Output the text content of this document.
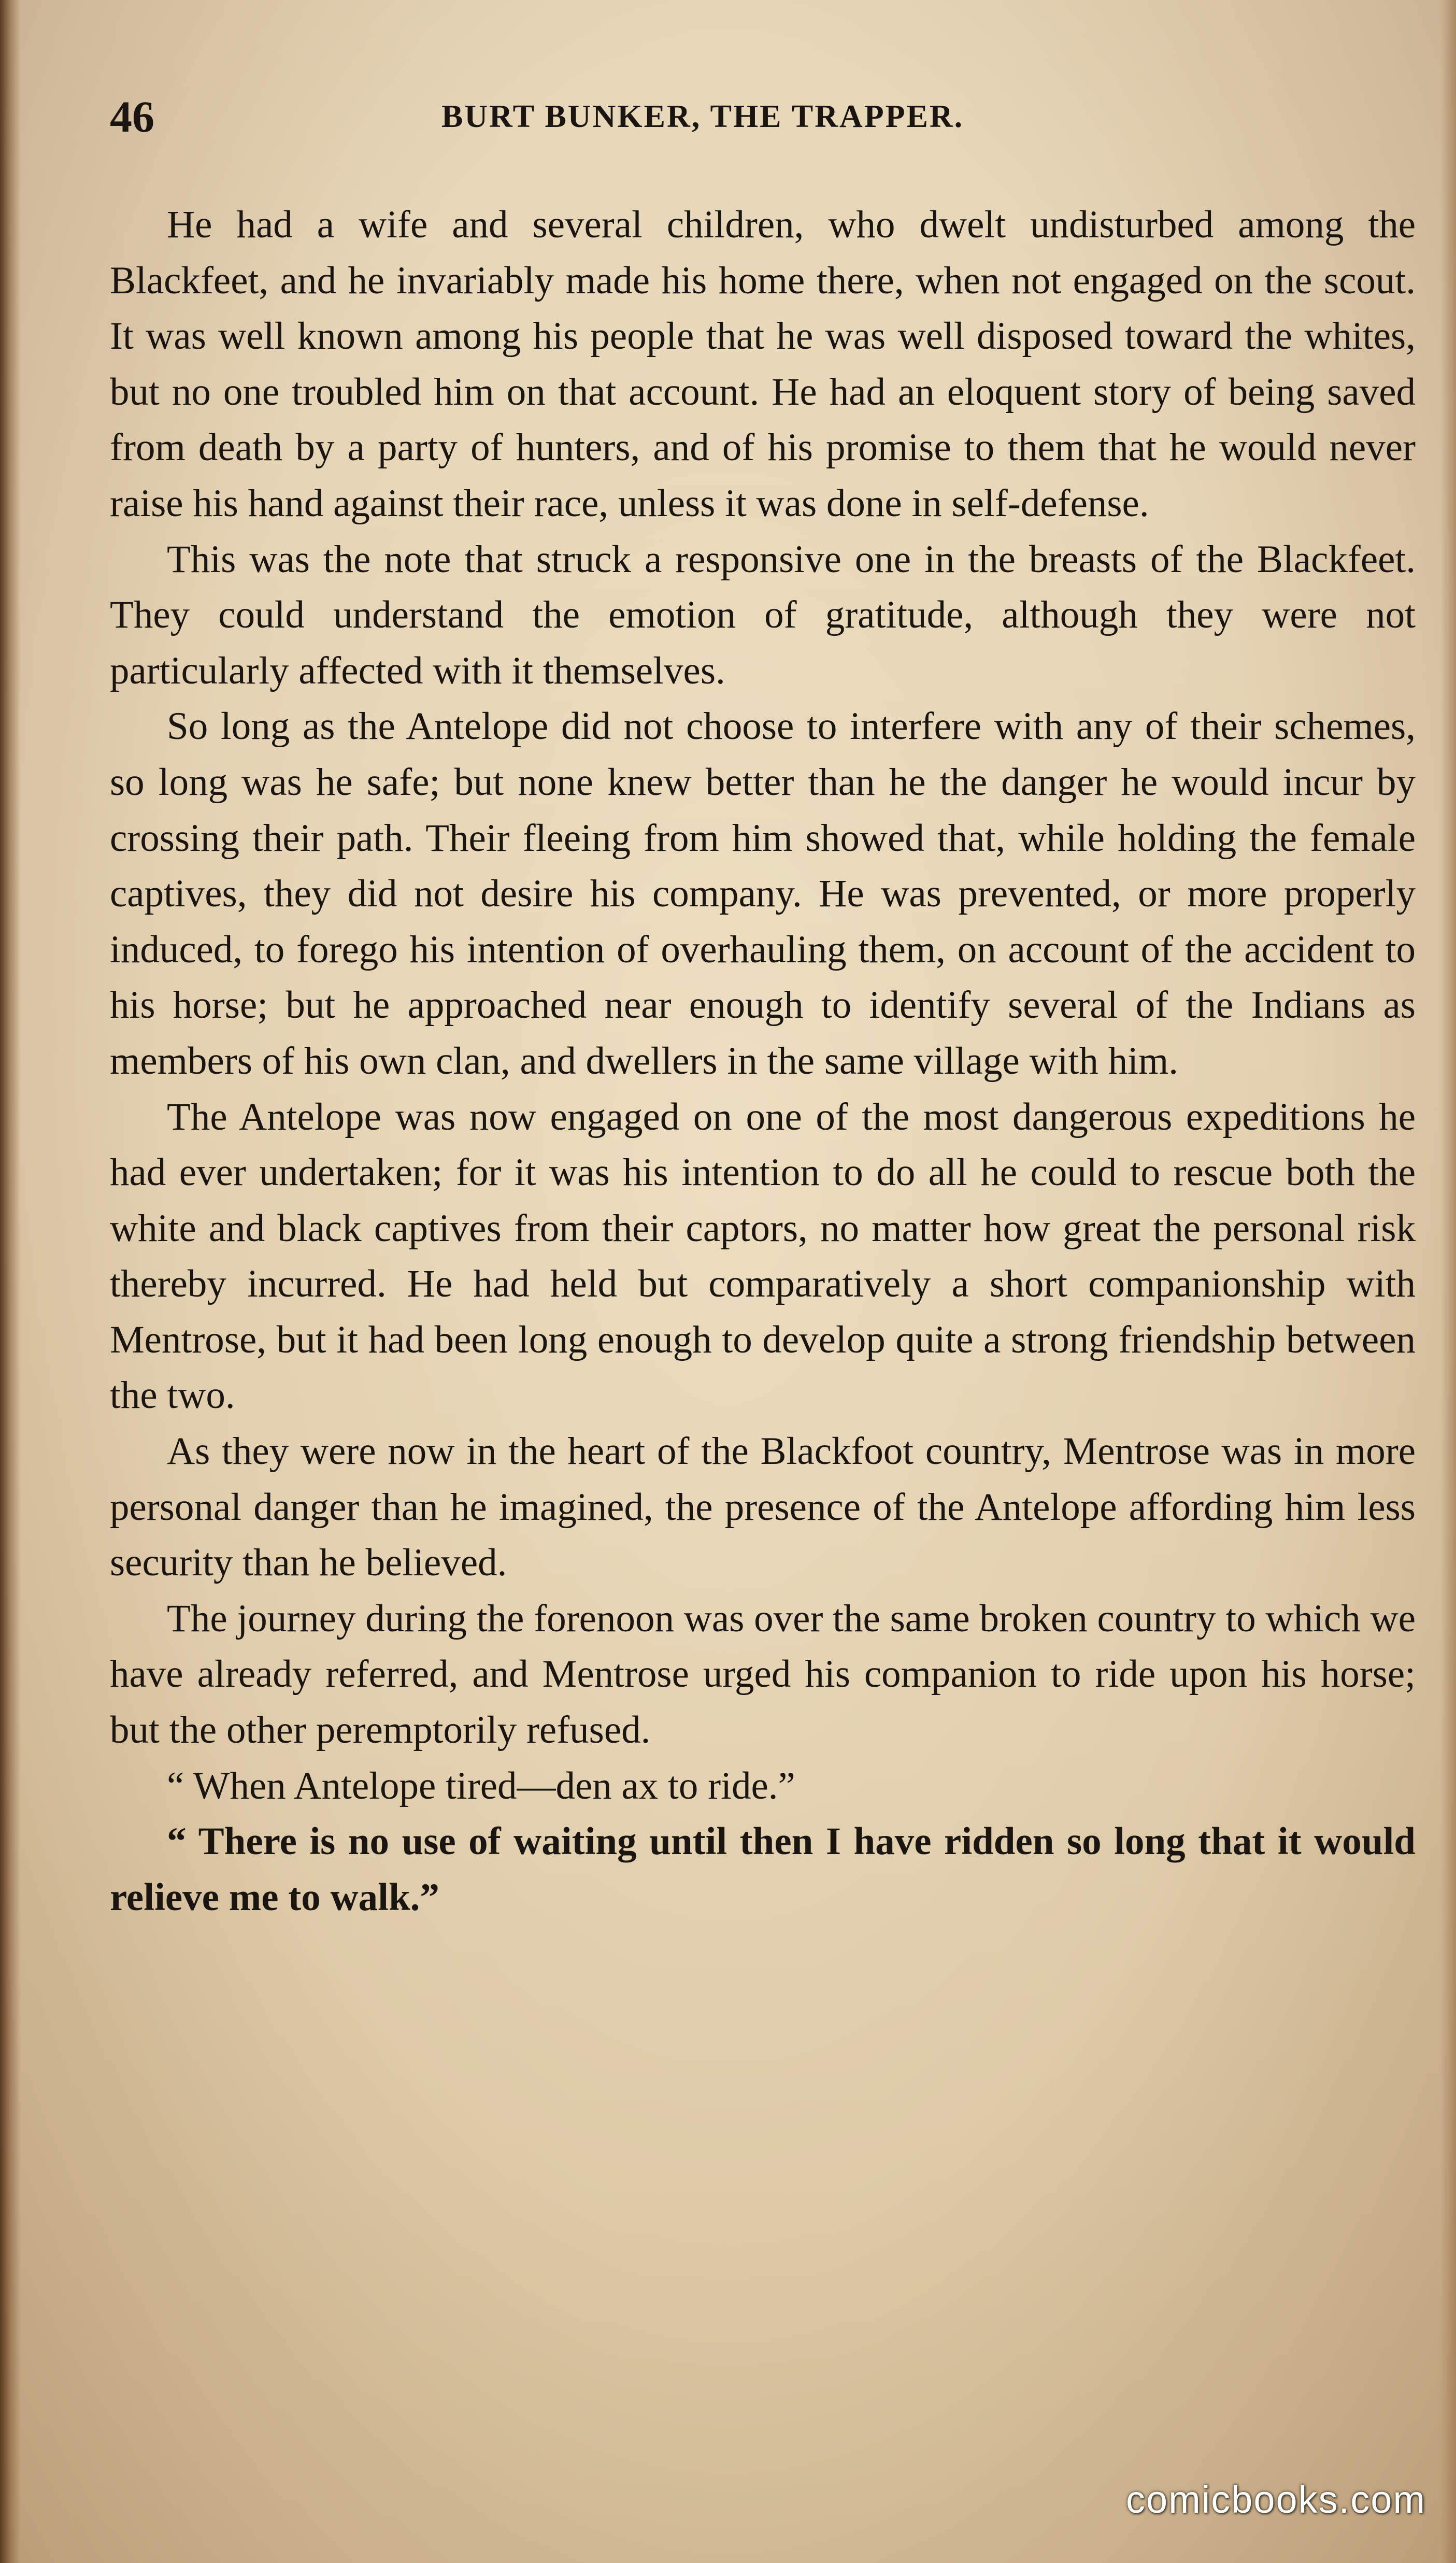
46	BURT BUNKER, THE TRAPPER.

He had a wife and several children, who dwelt undisturbed among the Blackfeet, and he invariably made his home there, when not engaged on the scout. It was well known among his people that he was well disposed toward the whites, but no one troubled him on that account. He had an eloquent story of being saved from death by a party of hunters, and of his promise to them that he would never raise his hand against their race, unless it was done in self-defense.

This was the note that struck a responsive one in the breasts of the Blackfeet. They could understand the emotion of gratitude, although they were not particularly affected with it themselves.

So long as the Antelope did not choose to interfere with any of their schemes, so long was he safe; but none knew better than he the danger he would incur by crossing their path. Their fleeing from him showed that, while holding the female captives, they did not desire his company. He was prevented, or more properly induced, to forego his intention of overhauling them, on account of the accident to his horse; but he approached near enough to identify several of the Indians as members of his own clan, and dwellers in the same village with him.

The Antelope was now engaged on one of the most dangerous expeditions he had ever undertaken; for it was his intention to do all he could to rescue both the white and black captives from their captors, no matter how great the personal risk thereby incurred. He had held but comparatively a short companionship with Mentrose, but it had been long enough to develop quite a strong friendship between the two.

As they were now in the heart of the Blackfoot country, Mentrose was in more personal danger than he imagined, the presence of the Antelope affording him less security than he believed.

The journey during the forenoon was over the same broken country to which we have already referred, and Mentrose urged his companion to ride upon his horse; but the other peremptorily refused.

“ When Antelope tired—den ax to ride.”

“ There is no use of waiting until then I have ridden so long that it would relieve me to walk.”

comicbooks.com
